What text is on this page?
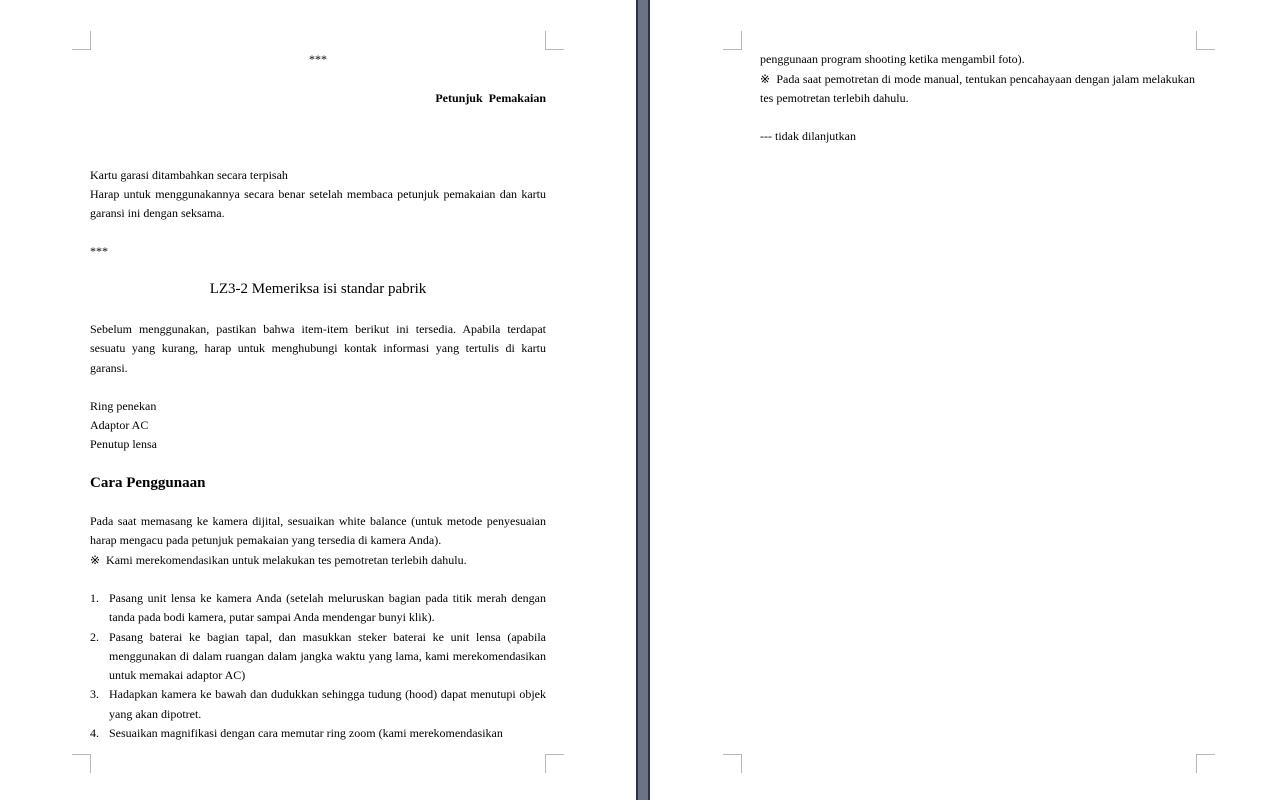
***
Petunjuk  Pemakaian
Kartu garasi ditambahkan secara terpisah
Harap untuk menggunakannya secara benar setelah membaca petunjuk pemakaian dan kartu garansi ini dengan seksama.
***
LZ3-2 Memeriksa isi standar pabrik
Sebelum menggunakan, pastikan bahwa item-item berikut ini tersedia. Apabila terdapat sesuatu yang kurang, harap untuk menghubungi kontak informasi yang tertulis di kartu garansi.
Ring penekan
Adaptor AC
Penutup lensa
Cara Penggunaan
Pada saat memasang ke kamera dijital, sesuaikan white balance (untuk metode penyesuaian harap mengacu pada petunjuk pemakaian yang tersedia di kamera Anda).
※  Kami merekomendasikan untuk melakukan tes pemotretan terlebih dahulu.
1. Pasang unit lensa ke kamera Anda (setelah meluruskan bagian pada titik merah dengan tanda pada bodi kamera, putar sampai Anda mendengar bunyi klik).
2. Pasang baterai ke bagian tapal, dan masukkan steker baterai ke unit lensa (apabila menggunakan di dalam ruangan dalam jangka waktu yang lama, kami merekomendasikan untuk memakai adaptor AC)
3. Hadapkan kamera ke bawah dan dudukkan sehingga tudung (hood) dapat menutupi objek yang akan dipotret.
4. Sesuaikan magnifikasi dengan cara memutar ring zoom (kami merekomendasikan
penggunaan program shooting ketika mengambil foto).
※  Pada saat pemotretan di mode manual, tentukan pencahayaan dengan jalam melakukan tes pemotretan terlebih dahulu.
--- tidak dilanjutkan
